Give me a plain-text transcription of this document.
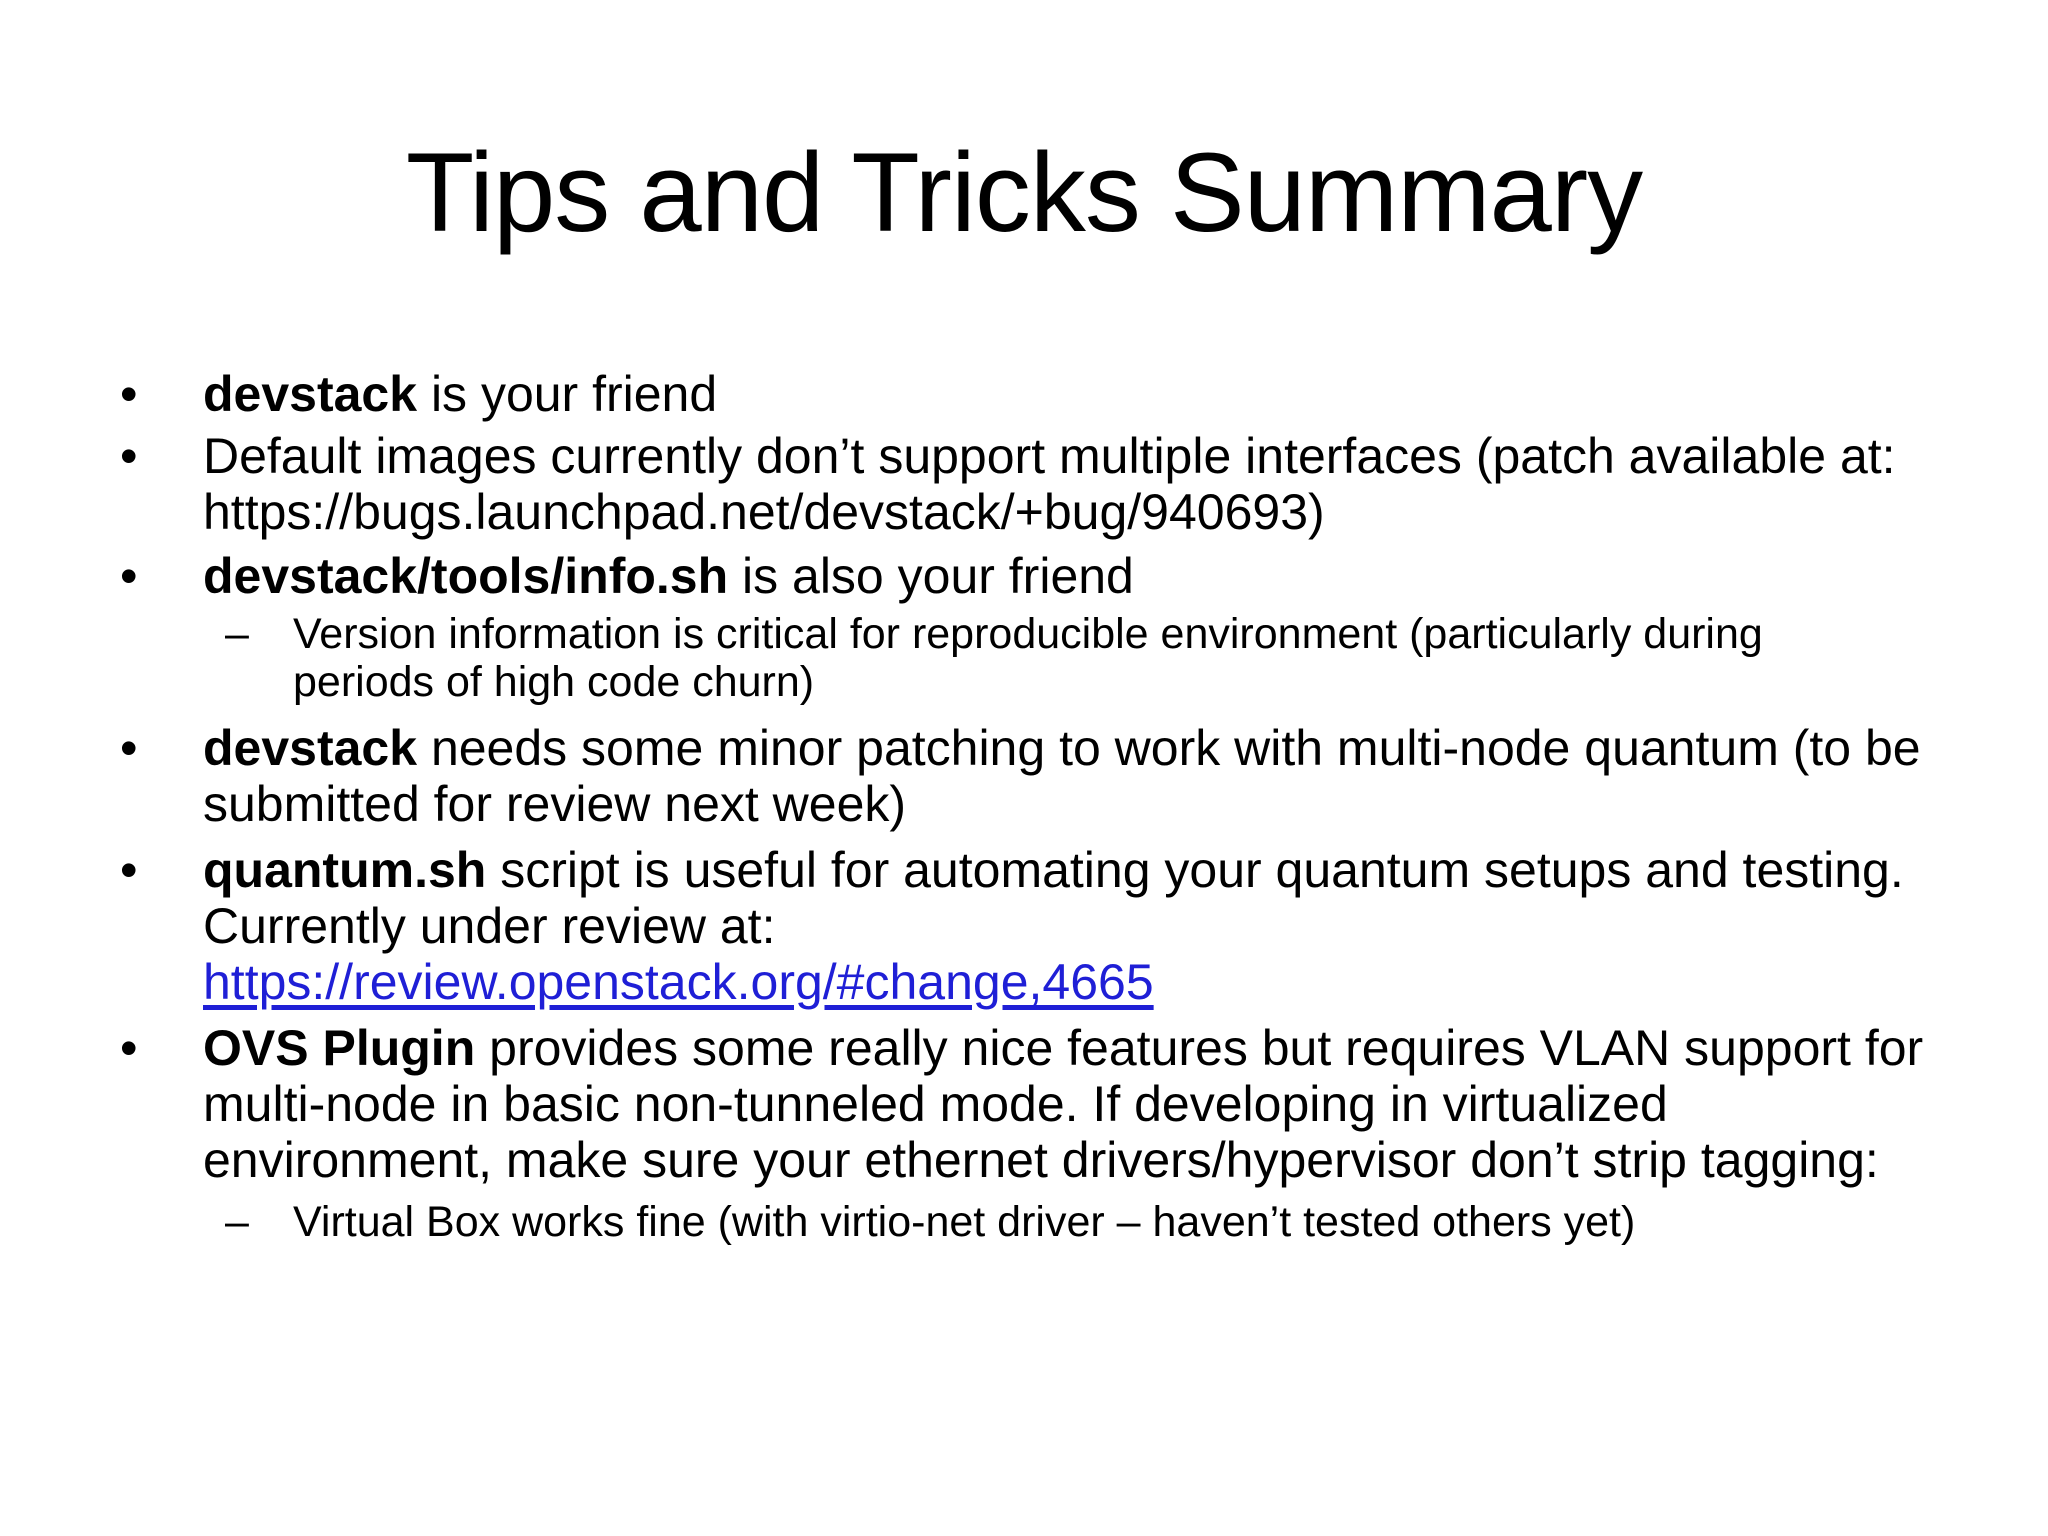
Tips and Tricks Summary
•	devstack is your friend
•	Default images currently don’t support multiple interfaces (patch available at: https://bugs.launchpad.net/devstack/+bug/940693)
•	devstack/tools/info.sh is also your friend
– Version information is critical for reproducible environment (particularly during periods of high code churn)
•	devstack needs some minor patching to work with multi-node quantum (to be submitted for review next week)
•	quantum.sh script is useful for automating your quantum setups and testing. Currently under review at:
https://review.openstack.org/#change,4665
•	OVS Plugin provides some really nice features but requires VLAN support for multi-node in basic non-tunneled mode. If developing in virtualized environment, make sure your ethernet drivers/hypervisor don’t strip tagging:
– Virtual Box works fine (with virtio-net driver – haven’t tested others yet)
